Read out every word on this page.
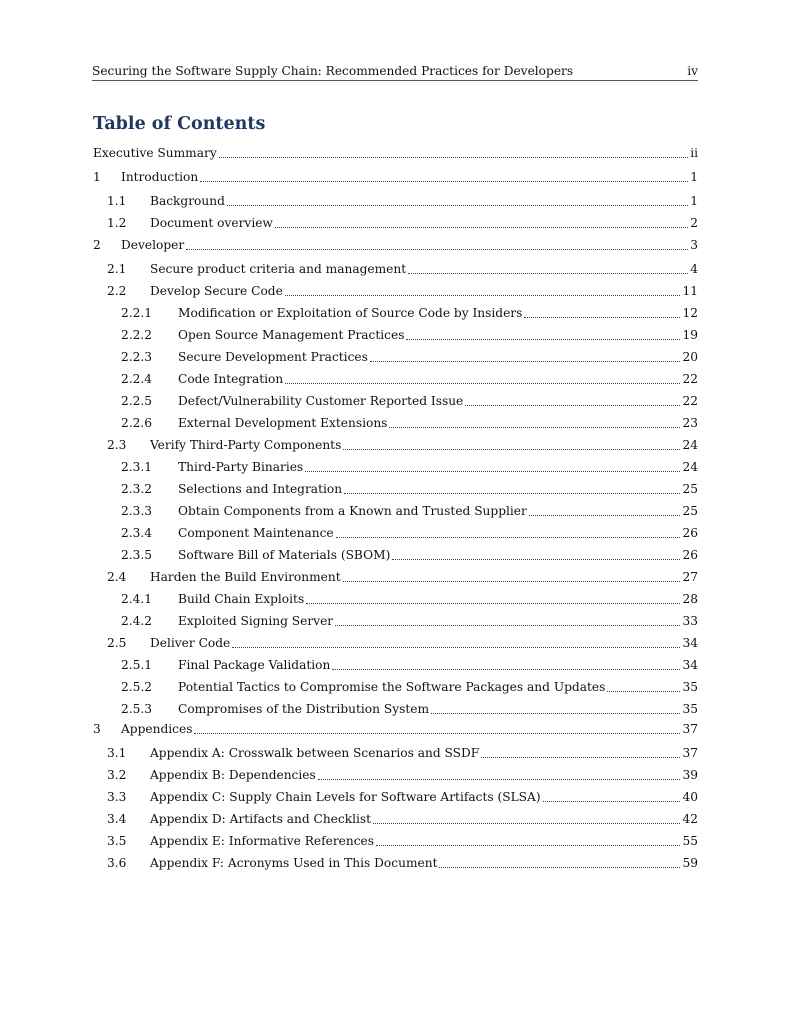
Securing the Software Supply Chain: Recommended Practices for Developers	iv
Table of Contents
Executive Summary	ii
1	Introduction	1
1.1	Background	1
1.2	Document overview	2
2	Developer	3
2.1	Secure product criteria and management	4
2.2	Develop Secure Code	11
2.2.1	Modification or Exploitation of Source Code by Insiders	12
2.2.2	Open Source Management Practices	19
2.2.3	Secure Development Practices	20
2.2.4	Code Integration	22
2.2.5	Defect/Vulnerability Customer Reported Issue	22
2.2.6	External Development Extensions	23
2.3	Verify Third-Party Components	24
2.3.1	Third-Party Binaries	24
2.3.2	Selections and Integration	25
2.3.3	Obtain Components from a Known and Trusted Supplier	25
2.3.4	Component Maintenance	26
2.3.5	Software Bill of Materials (SBOM)	26
2.4	Harden the Build Environment	27
2.4.1	Build Chain Exploits	28
2.4.2	Exploited Signing Server	33
2.5	Deliver Code	34
2.5.1	Final Package Validation	34
2.5.2	Potential Tactics to Compromise the Software Packages and Updates	35
2.5.3	Compromises of the Distribution System	35
3	Appendices	37
3.1	Appendix A: Crosswalk between Scenarios and SSDF	37
3.2	Appendix B: Dependencies	39
3.3	Appendix C: Supply Chain Levels for Software Artifacts (SLSA)	40
3.4	Appendix D: Artifacts and Checklist	42
3.5	Appendix E: Informative References	55
3.6	Appendix F: Acronyms Used in This Document	59
